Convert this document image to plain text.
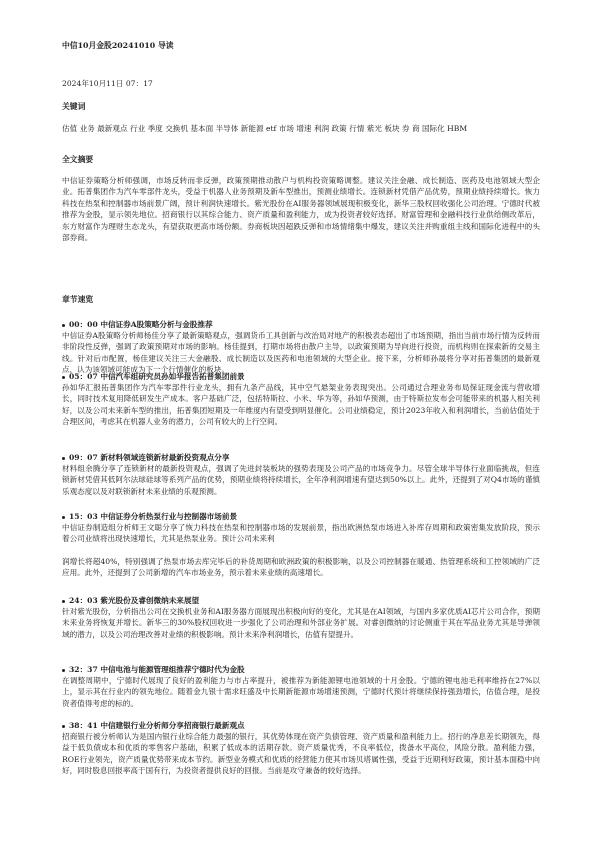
中信10月金股20241010 导读

2024年10月11日 07：17

关键词

估值 业务 最新观点 行业 季度 交换机 基本面 半导体 新能源 etf 市场 增速 利润 政策 行情 紫光 板块 券 商 国际化 HBM

全文摘要

中信证券策略分析师强调，市场反转而非反弹，政策预期推动散户与机构投资策略调整。建议关注金融、成长制造、医药及电池领域大型企业。拓普集团作为汽车零部件龙头，受益于机器人业务预期及新车型推出，预测业绩增长。连锁新材凭借产品优势，预期业绩持续增长。恢力科技在热泵和控制器市场前景广阔，预计利润快速增长。紫光股份在AI服务器领域展现积极变化，新华三股权回收强化公司治理。宁德时代被推荐为金股，显示领先地位。招商银行以其综合能力、资产质量和盈利能力，成为投资者较好选择。财富管理和金融科技行业供给侧改革后，东方财富作为理财生态龙头，有望获取更高市场份额。券商板块因超跌反弹和市场情绪集中爆发，建议关注并购重组主线和国际化进程中的头部券商。

章节速览

00：00 中信证券A股策略分析与金股推荐

中信证券A股策略分析师杨佳分享了最新策略观点，强调货币工具创新与改治局对地产的积极表态超出了市场预期，指出当前市场行情为反转而非阶段性反弹，强调了政策预期对市场的影响。杨佳提到，打期市场将由散户主导，以政策预期为导向进行投资，而机构则在探索新的交易主线。针对后市配置，杨佳建议关注三大金融股、成长制造以及医药和电池领域的大型企业。接下来，分析师孙晟将分享对拓普集团的最新观点，认为该领域可能成为下一个行情催化的板块。

05：07 中信汽车组研究员孙如华报告拓普集团前景

孙如华汇报拓普集团作为汽车零部件行业龙头，拥有九条产品线，其中空气悬架业务表现突出。公司通过合理业务布局保证现金流与营收增长，同时技术复用降低研发生产成本。客户基础广泛，包括特斯拉、小米、华为等，孙如华预测，由于特斯拉发布会可能带来的机器人相关利好，以及公司未来新车型的推出，拓普集团短期及一年维度内有望受到明显催化。公司业绩稳定，预计2023年收入和利润增长，当前估值处于合理区间，考虑其在机器人业务的潜力，公司有较大的上行空间。

09：07 新材料领域连锁新材最新投资观点分享

材料组余腾分享了连锁新材的最新投资观点，强调了先进封装板块的强势表现及公司产品的市场竞争力。尽管全球半导体行业面临挑战，但连锁新材凭借其低阿尔法球硅球等系列产品的优势，预期业绩将持续增长，全年净利润增速有望达到50%以上。此外，还提到了对Q4市场的谨慎乐观态度以及对联锁新材未来业绩的乐观预测。

15：03 中信证券分析热泵行业与控制器市场前景

中信证券制造组分析师王文聪分享了恢力科技在热泵和控制器市场的发展前景，指出欧洲热泵市场进入补库存周期和政策密集发放阶段，预示着公司业绩将出现快速增长，尤其是热泵业务。预计公司未来利

润增长将超40%，特别强调了热泵市场去库完毕后的补货周期和欧洲政策的积极影响，以及公司控制器在暖通、热管理系统和工控领域的广泛应用。此外，还提到了公司新增的汽车市场业务，预示着未来业绩的高速增长。

24：03 紫光股份及睿创微纳未来展望

针对紫光股份，分析指出公司在交换机业务和AI服务器方面展现出积极向好的变化，尤其是在AI领域，与国内多家优质AI芯片公司合作，预期未来业务将恢复并增长。新华三的30%股权回收进一步强化了公司治理和外部业务扩展。对睿创微纳的讨论侧重于其在军品业务尤其是导弹领域的潜力，以及公司治理改善对业绩的积极影响。预计未来净利润增长，估值有望提升。

32：37 中信电池与能源管理组推荐宁德时代为金股

在调整周期中，宁德时代展现了良好的盈利能力与市占率提升，被推荐为新能源锂电池领域的十月金股。宁德的锂电池毛利率维持在27%以上，显示其在行业内的领先地位。随着金九银十需求旺盛及中长期新能源市场增速预测，宁德时代预计将继续保持强劲增长，估值合理，是投资者值得考虑的标的。

38：41 中信建银行业分析师分享招商银行最新观点

招商银行被分析师认为是国内银行业综合能力最强的银行，其优势体现在资产负债管理、资产质量和盈利能力上。招行的净息差长期领先，得益于低负债成本和优质的零售客户基础，积累了低成本的活期存款。资产质量优秀，不良率低位，拨备水平高位，风险分散。盈利能力强，ROE行业领先，资产质量优势带来成本节约。新型业务模式和优质的经营能力使其市场贝塔属性强，受益于近期利好政策，预计基本面稳中向好，同时股息回报率高于国有行，为投资者提供良好的回报。当前是攻守兼备的较好选择。
